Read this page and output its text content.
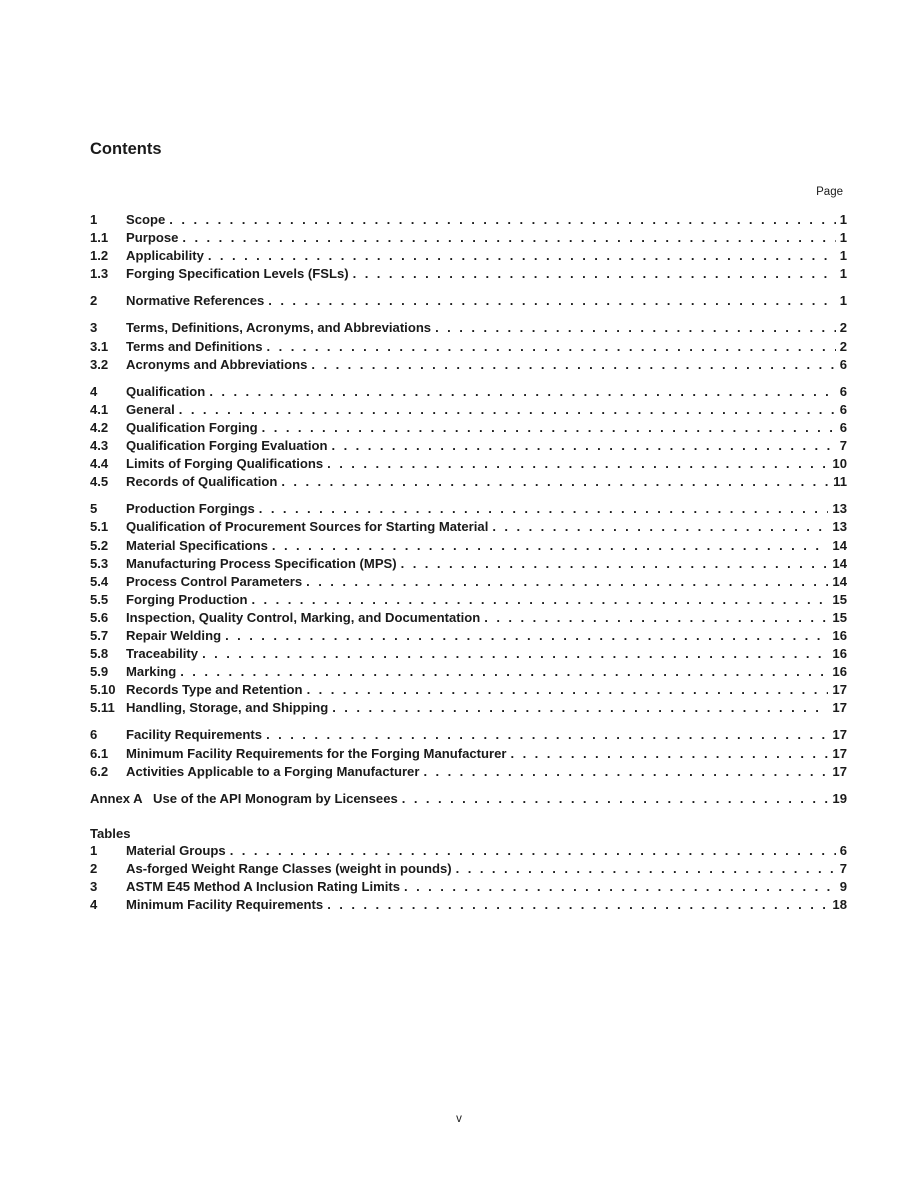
Contents
Page
1	Scope . . .	1
1.1	Purpose . . .	1
1.2	Applicability . . .	1
1.3	Forging Specification Levels (FSLs) . . .	1
2	Normative References . . .	1
3	Terms, Definitions, Acronyms, and Abbreviations . . .	2
3.1	Terms and Definitions . . .	2
3.2	Acronyms and Abbreviations . . .	6
4	Qualification . . .	6
4.1	General . . .	6
4.2	Qualification Forging . . .	6
4.3	Qualification Forging Evaluation . . .	7
4.4	Limits of Forging Qualifications . . .	10
4.5	Records of Qualification . . .	11
5	Production Forgings . . .	13
5.1	Qualification of Procurement Sources for Starting Material . . .	13
5.2	Material Specifications . . .	14
5.3	Manufacturing Process Specification (MPS) . . .	14
5.4	Process Control Parameters . . .	14
5.5	Forging Production . . .	15
5.6	Inspection, Quality Control, Marking, and Documentation . . .	15
5.7	Repair Welding . . .	16
5.8	Traceability . . .	16
5.9	Marking . . .	16
5.10 Records Type and Retention . . .	17
5.11 Handling, Storage, and Shipping . . .	17
6	Facility Requirements . . .	17
6.1	Minimum Facility Requirements for the Forging Manufacturer . . .	17
6.2	Activities Applicable to a Forging Manufacturer . . .	17
Annex A   Use of the API Monogram by Licensees . . .	19
Tables
1	Material Groups . . .	6
2	As-forged Weight Range Classes (weight in pounds) . . .	7
3	ASTM E45 Method A Inclusion Rating Limits . . .	9
4	Minimum Facility Requirements . . .	18
v
